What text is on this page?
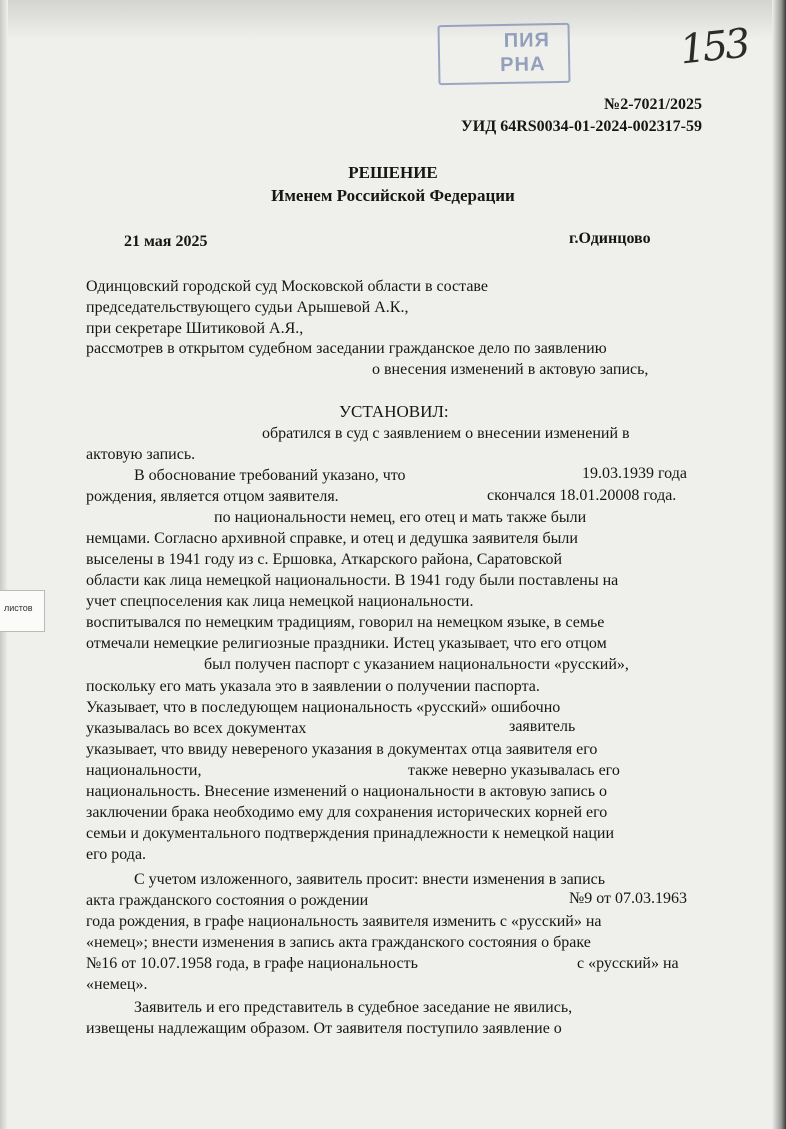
ПИЯ
РНА	153
№2-7021/2025
УИД 64RS0034-01-2024-002317-59
РЕШЕНИЕ
Именем Российской Федерации
21 мая 2025	г.Одинцово
Одинцовский городской суд Московской области в составе
председательствующего судьи Арышевой А.К.,
при секретаре Шитиковой А.Я.,
рассмотрев в открытом судебном заседании гражданское дело по заявлению
о внесения изменений в актовую запись,
УСТАНОВИЛ:
обратился в суд с заявлением о внесении изменений в
актовую запись.
В обоснование требований указано, что	19.03.1939 года
рождения, является отцом заявителя.	скончался 18.01.20008 года.
по национальности немец, его отец и мать также были
немцами. Согласно архивной справке, и отец и дедушка заявителя были
выселены в 1941 году из с. Ершовка, Аткарского района, Саратовской
области как лица немецкой национальности. В 1941 году были поставлены на
учет спецпоселения как лица немецкой национальности.
воспитывался по немецким традициям, говорил на немецком языке, в семье
отмечали немецкие религиозные праздники. Истец указывает, что его отцом
был получен паспорт с указанием национальности «русский»,
поскольку его мать указала это в заявлении о получении паспорта.
Указывает, что в последующем национальность «русский» ошибочно
указывалась во всех документах	заявитель
указывает, что ввиду невереного указания в документах отца заявителя его
национальности,	также неверно указывалась его
национальность. Внесение изменений о национальности в актовую запись о
заключении брака необходимо ему для сохранения исторических корней его
семьи и документального подтверждения принадлежности к немецкой нации
его рода.
С учетом изложенного, заявитель просит: внести изменения в запись
акта гражданского состояния о рождении	№9 от 07.03.1963
года рождения, в графе национальность заявителя изменить с «русский» на
«немец»; внести изменения в запись акта гражданского состояния о браке
№16 от 10.07.1958 года, в графе национальность	с «русский» на
«немец».
Заявитель и его представитель в судебное заседание не явились,
извещены надлежащим образом. От заявителя поступило заявление о
листов
